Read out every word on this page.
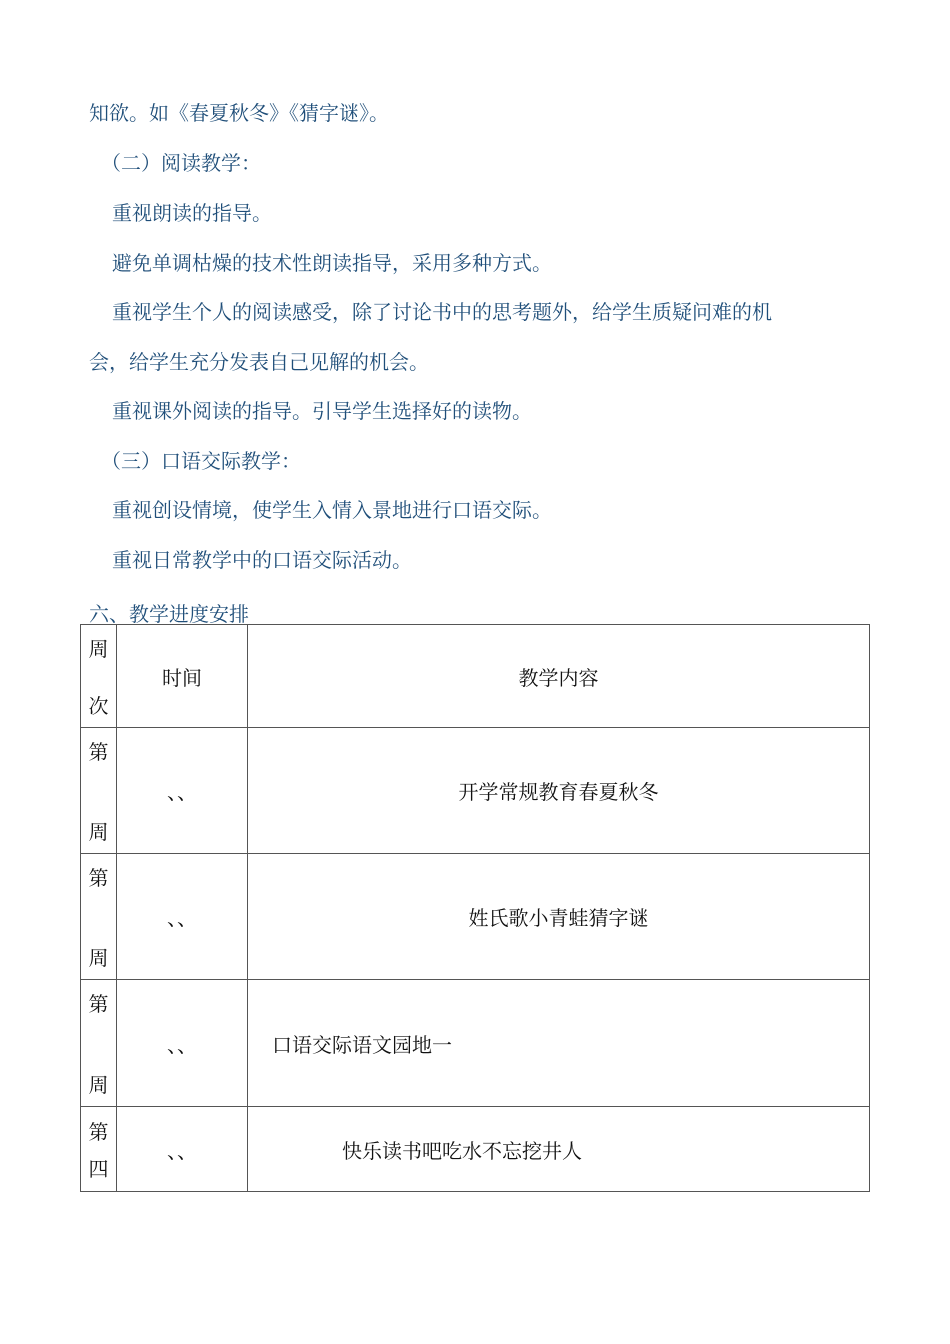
知欲。如《春夏秋冬》《猜字谜》。
（二）阅读教学：
重视朗读的指导。
避免单调枯燥的技术性朗读指导，采用多种方式。
重视学生个人的阅读感受，除了讨论书中的思考题外，给学生质疑问难的机
会，给学生充分发表自己见解的机会。
重视课外阅读的指导。引导学生选择好的读物。
（三）口语交际教学：
重视创设情境，使学生入情入景地进行口语交际。
重视日常教学中的口语交际活动。
六、教学进度安排
周
次	时间	教学内容

第
周	、、	开学常规教育春夏秋冬

第
周	、、	姓氏歌小青蛙猜字谜

第
周	、、	口语交际语文园地一

第
四	、、	快乐读书吧吃水不忘挖井人
